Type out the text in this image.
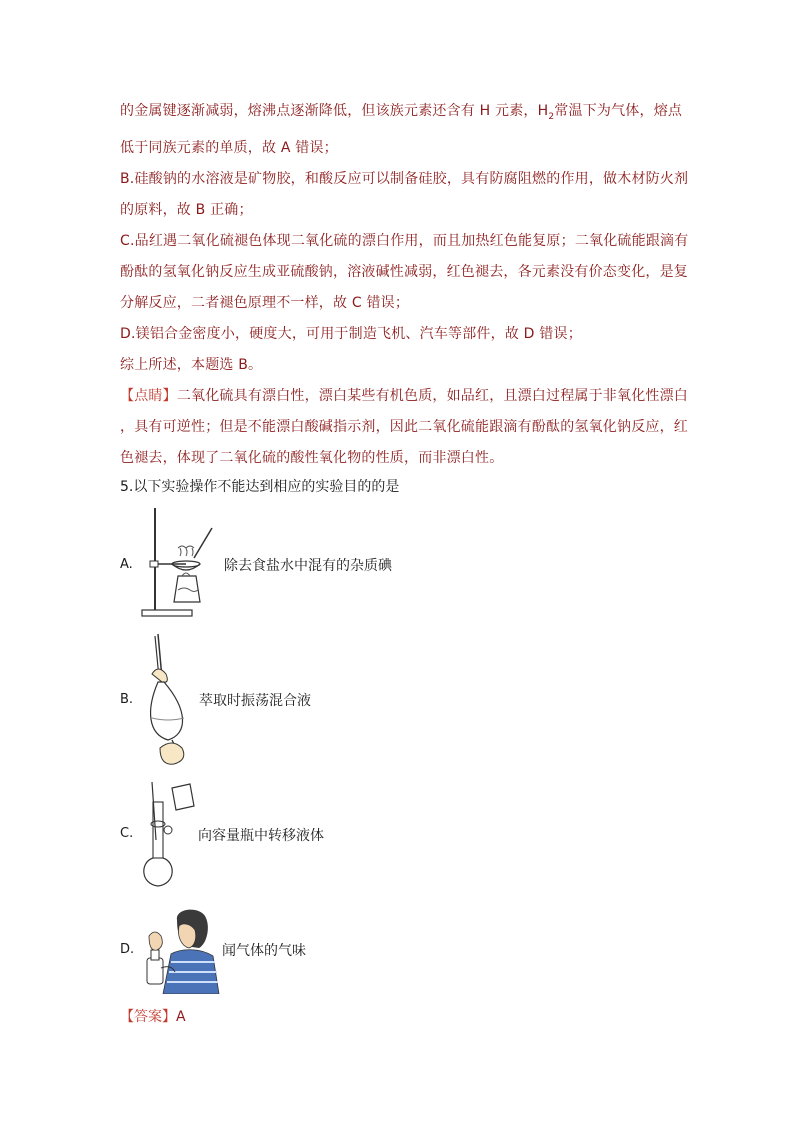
的金属键逐渐减弱，熔沸点逐渐降低，但该族元素还含有 H 元素，$H_2$常温下为气体，熔点
低于同族元素的单质，故 A 错误；
B.硅酸钠的水溶液是矿物胶，和酸反应可以制备硅胶，具有防腐阻燃的作用，做木材防火剂
的原料，故 B 正确；
C.品红遇二氧化硫褪色体现二氧化硫的漂白作用，而且加热红色能复原；二氧化硫能跟滴有
酚酞的氢氧化钠反应生成亚硫酸钠，溶液碱性减弱，红色褪去，各元素没有价态变化，是复
分解反应，二者褪色原理不一样，故 C 错误；
D.镁铝合金密度小，硬度大，可用于制造飞机、汽车等部件，故 D 错误；
综上所述，本题选 B。
【点睛】二氧化硫具有漂白性，漂白某些有机色质，如品红，且漂白过程属于非氧化性漂白
，具有可逆性；但是不能漂白酸碱指示剂，因此二氧化硫能跟滴有酚酞的氢氧化钠反应，红
色褪去，体现了二氧化硫的酸性氧化物的性质，而非漂白性。
5.以下实验操作不能达到相应的实验目的的是
A.	除去食盐水中混有的杂质碘
B.	萃取时振荡混合液
C.	向容量瓶中转移液体
D.	闻气体的气味
【答案】A
